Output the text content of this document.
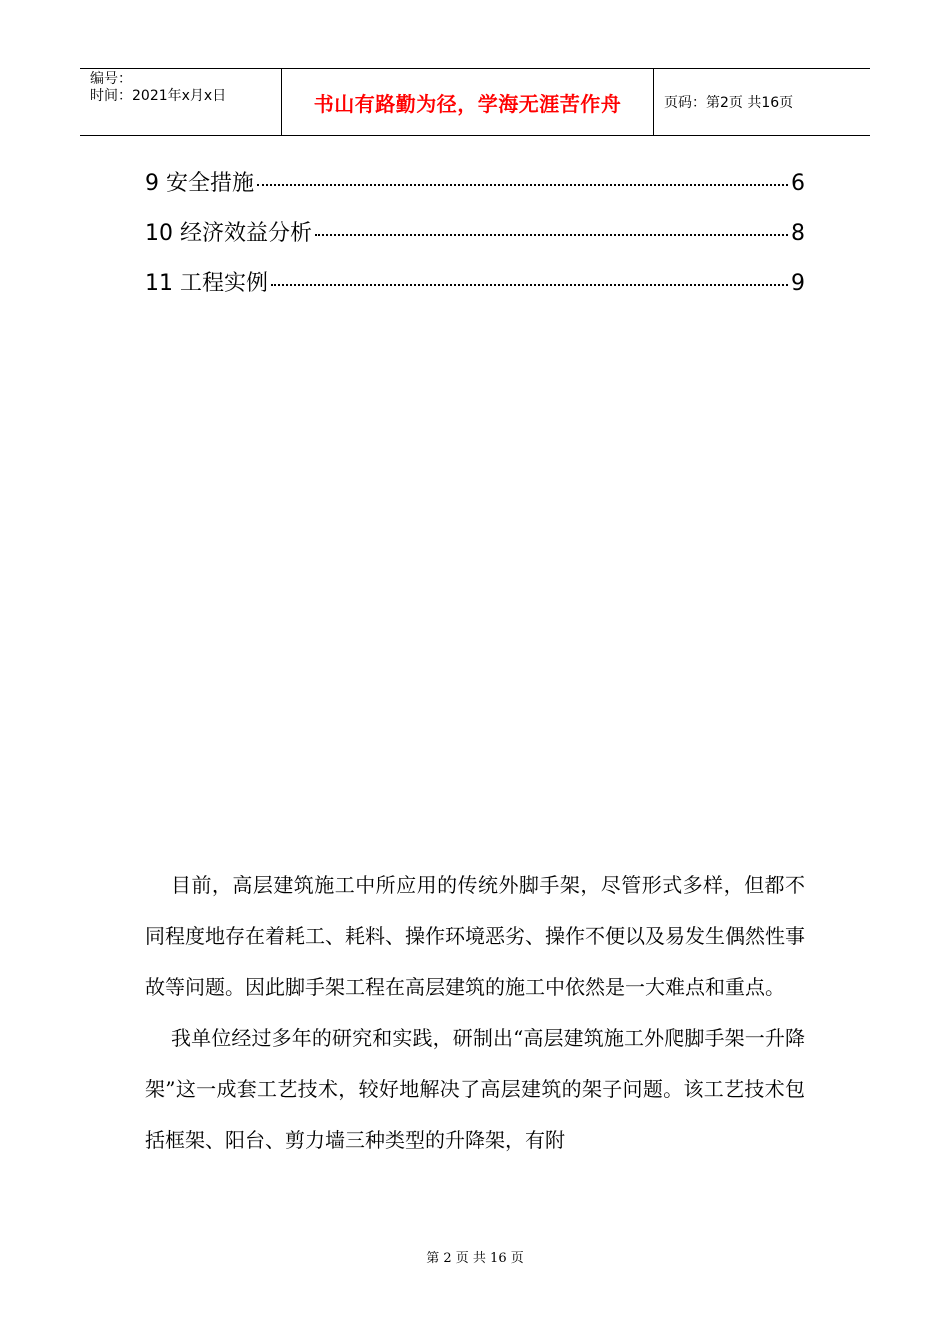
编号：
时间：2021年x月x日	书山有路勤为径，学海无涯苦作舟	页码：第2页 共16页
9 安全措施	6
10 经济效益分析	8
11 工程实例	9

目前，高层建筑施工中所应用的传统外脚手架，尽管形式多样，但都不同程度地存在着耗工、耗料、操作环境恶劣、操作不便以及易发生偶然性事故等问题。因此脚手架工程在高层建筑的施工中依然是一大难点和重点。

我单位经过多年的研究和实践，研制出“高层建筑施工外爬脚手架一升降架”这一成套工艺技术，较好地解决了高层建筑的架子问题。该工艺技术包括框架、阳台、剪力墙三种类型的升降架，有附

第 2 页 共 16 页
